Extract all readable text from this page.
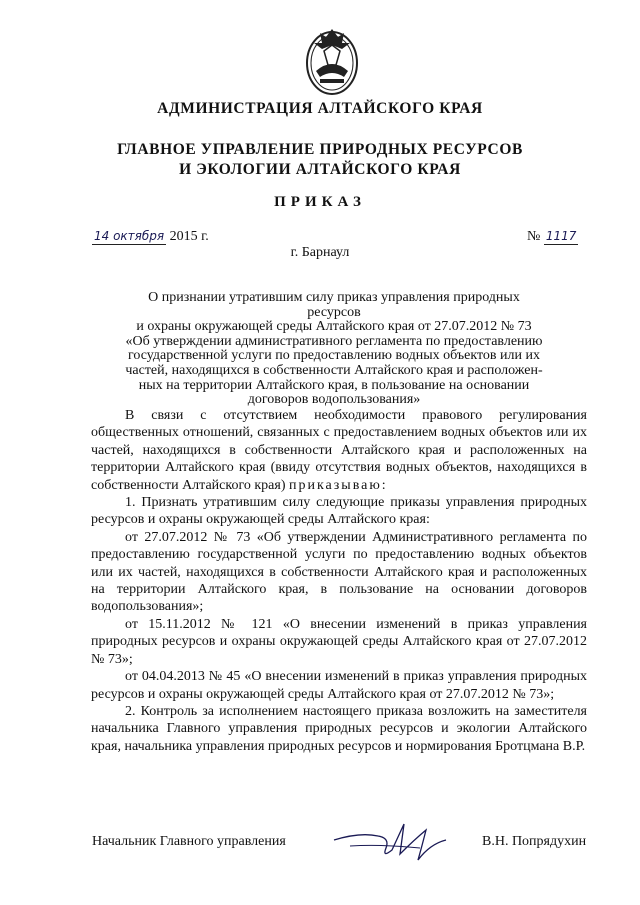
АДМИНИСТРАЦИЯ АЛТАЙСКОГО КРАЯ
ГЛАВНОЕ УПРАВЛЕНИЕ ПРИРОДНЫХ РЕСУРСОВ
И ЭКОЛОГИИ АЛТАЙСКОГО КРАЯ
ПРИКАЗ
14 октября 2015 г.	№ 1117
г. Барнаул
О признании утратившим силу приказ управления природных ресурсов
и охраны окружающей среды Алтайского края от 27.07.2012 № 73
«Об утверждении административного регламента по предоставлению
государственной услуги по предоставлению водных объектов или их
частей, находящихся в собственности Алтайского края и расположен-
ных на территории Алтайского края, в пользование на основании
договоров водопользования»

В связи с отсутствием необходимости правового регулирования общественных отношений, связанных с предоставлением водных объектов или их частей, находящихся в собственности Алтайского края и расположенных на территории Алтайского края (ввиду отсутствия водных объектов, находящихся в собственности Алтайского края) приказываю:

1. Признать утратившим силу следующие приказы управления природных ресурсов и охраны окружающей среды Алтайского края:

от 27.07.2012 № 73 «Об утверждении Административного регламента по предоставлению государственной услуги по предоставлению водных объектов или их частей, находящихся в собственности Алтайского края и расположенных на территории Алтайского края, в пользование на основании договоров водопользования»;

от 15.11.2012 № 121 «О внесении изменений в приказ управления природных ресурсов и охраны окружающей среды Алтайского края от 27.07.2012 № 73»;

от 04.04.2013 № 45 «О внесении изменений в приказ управления природных ресурсов и охраны окружающей среды Алтайского края от 27.07.2012 № 73»;

2. Контроль за исполнением настоящего приказа возложить на заместителя начальника Главного управления природных ресурсов и экологии Алтайского края, начальника управления природных ресурсов и нормирования Бротцмана В.Р.

Начальник Главного управления	В.Н. Попрядухин
